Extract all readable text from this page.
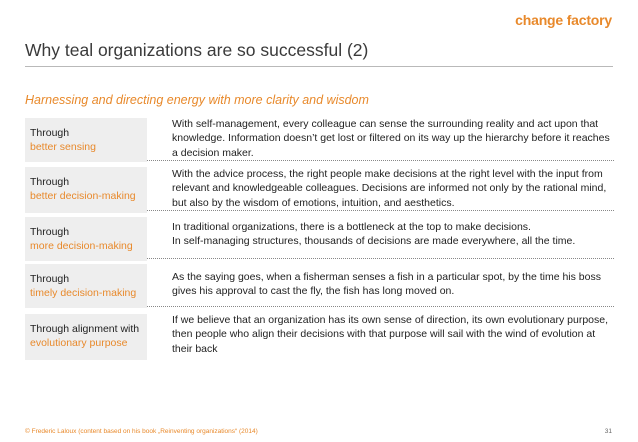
change factory
Why teal organizations are so successful (2)
Harnessing and directing energy with more clarity and wisdom
Through
better sensing
With self-management, every colleague can sense the surrounding reality and act upon that knowledge. Information doesn’t get lost or filtered on its way up the hierarchy before it reaches a decision maker.
Through
better decision-making
With the advice process, the right people make decisions at the right level with the input from relevant and knowledgeable colleagues. Decisions are informed not only by the rational mind, but also by the wisdom of emotions, intuition, and aesthetics.
Through
more decision-making
In traditional organizations, there is a bottleneck at the top to make decisions.
In self-managing structures, thousands of decisions are made everywhere, all the time.
Through
timely decision-making
As the saying goes, when a fisherman senses a fish in a particular spot, by the time his boss gives his approval to cast the fly, the fish has long moved on.
Through alignment with
evolutionary purpose
If we believe that an organization has its own sense of direction, its own evolutionary purpose, then people who align their decisions with that purpose will sail with the wind of evolution at their back
© Frederic Laloux (content based on his book „Reinventing organizations“ (2014)	31
